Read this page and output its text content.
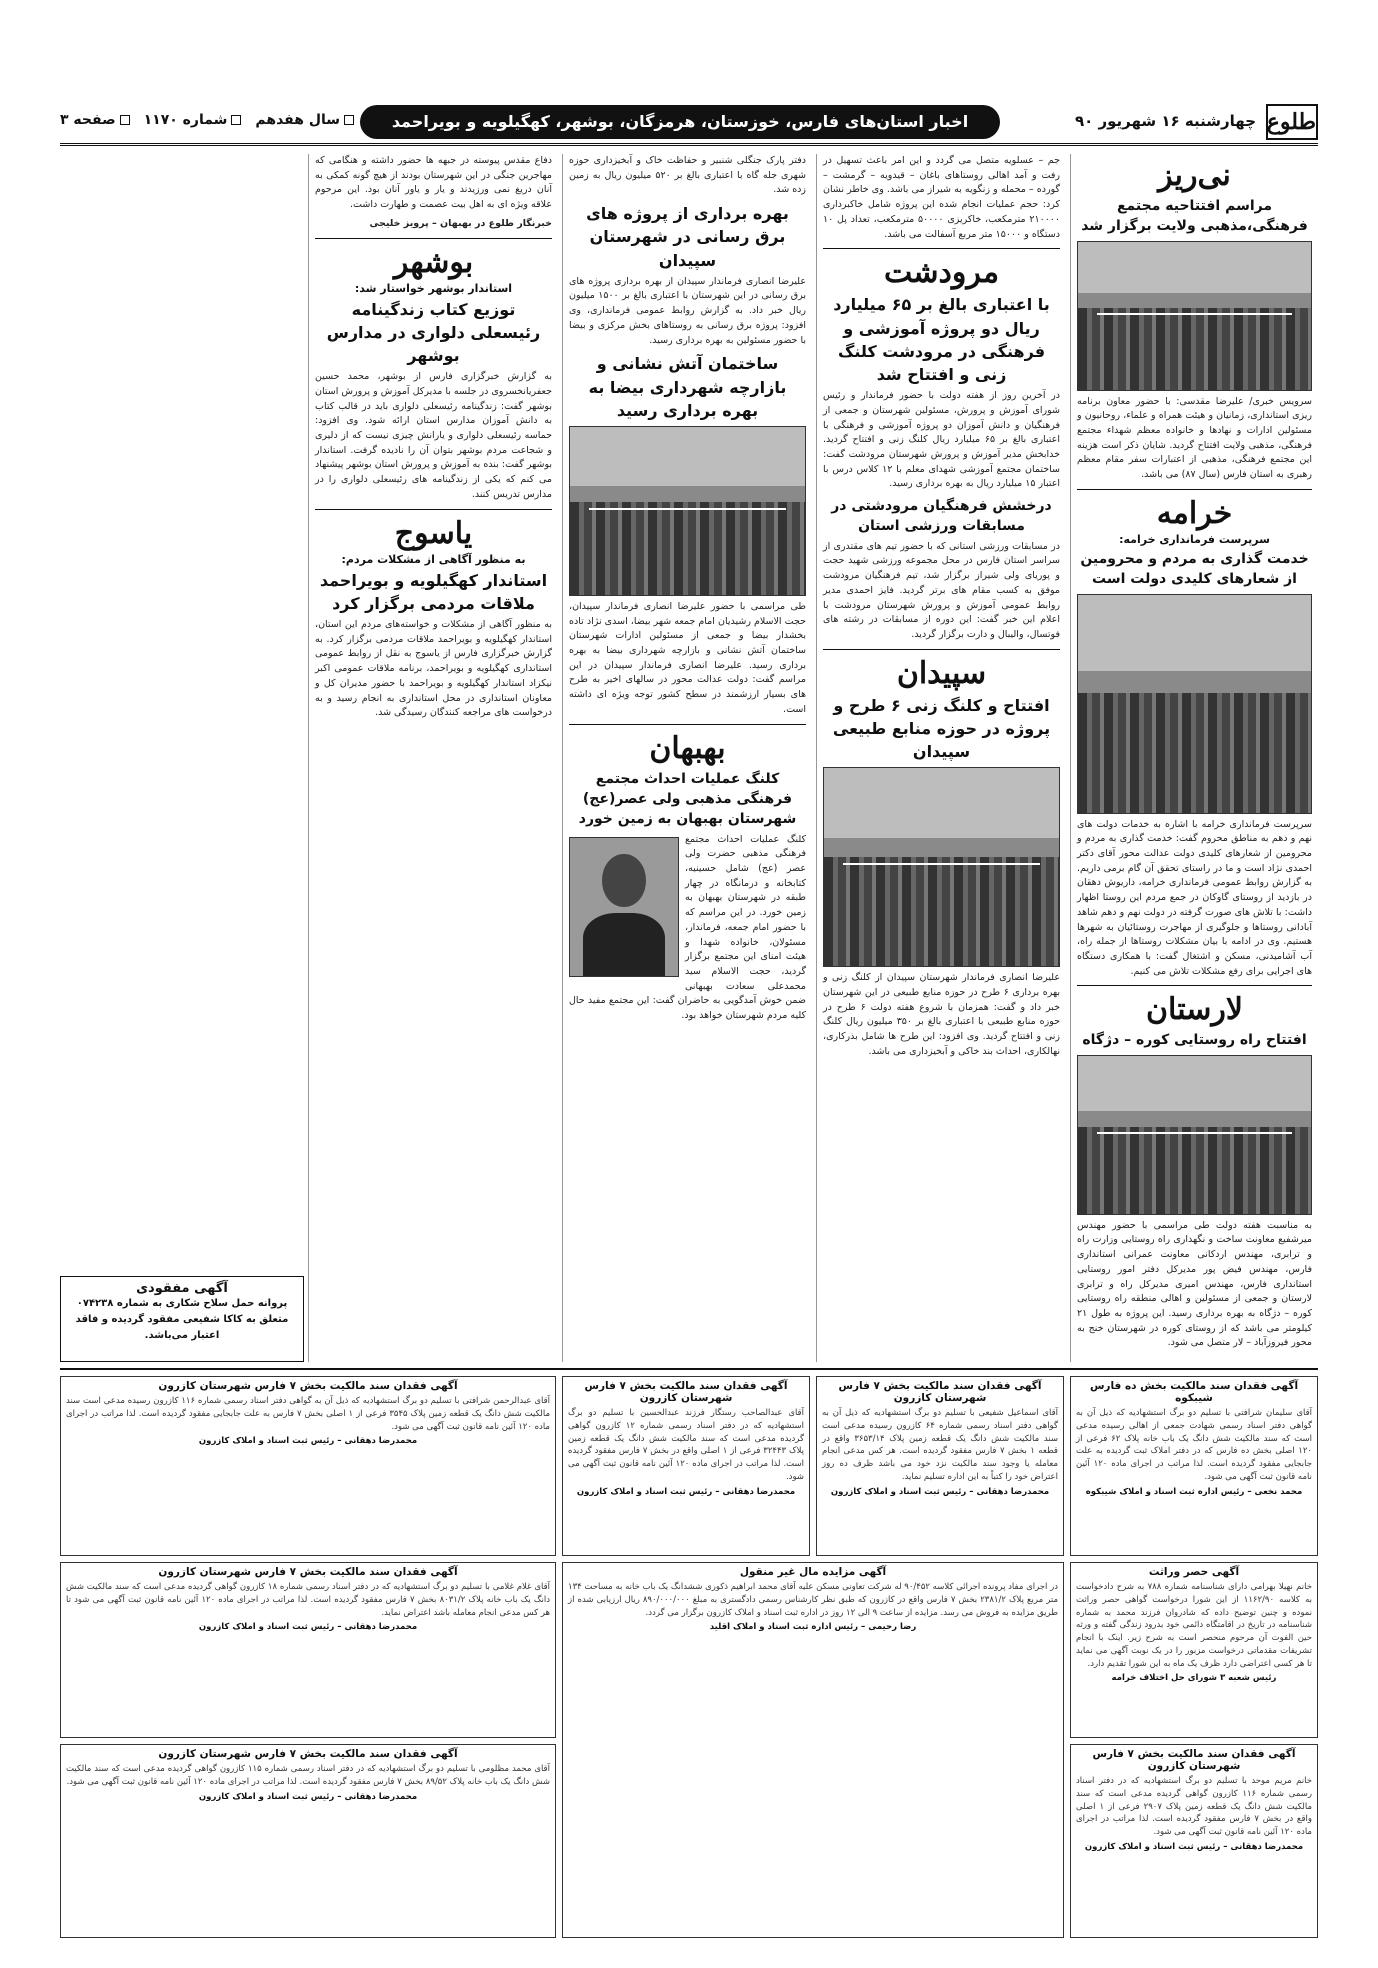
طلوع
چهارشنبه ۱۶ شهریور ۹۰
اخبار استان‌های فارس، خوزستان، هرمزگان، بوشهر، کهگیلویه و بویراحمد
سال هفدهم
شماره ۱۱۷۰
صفحه ۳
نی‌ریز
مراسم افتتاحیه مجتمع فرهنگی،مذهبی ولایت برگزار شد
سرویس خبری/ علیرضا مقدسی: با حضور معاون برنامه ریزی استانداری، زمانیان و هیئت همراه و علماء، روحانیون و مسئولین ادارات و نهادها و خانواده معظم شهداء مجتمع فرهنگی، مذهبی ولایت افتتاح گردید. شایان ذکر است هزینه این مجتمع فرهنگی، مذهبی از اعتبارات سفر مقام معظم رهبری به استان فارس (سال ۸۷) می باشد.
خرامه
سرپرست فرمانداری خرامه:
خدمت گذاری به مردم و محرومین از شعارهای کلیدی دولت است
سرپرست فرمانداری خرامه با اشاره به خدمات دولت های نهم و دهم به مناطق محروم گفت: خدمت گذاری به مردم و محرومین از شعارهای کلیدی دولت عدالت محور آقای دکتر احمدی نژاد است و ما در راستای تحقق آن گام برمی داریم. به گزارش روابط عمومی فرمانداری خرامه، داریوش دهقان در بازدید از روستای گاوکان در جمع مردم این روستا اظهار داشت: با تلاش های صورت گرفته در دولت نهم و دهم شاهد آبادانی روستاها و جلوگیری از مهاجرت روستائیان به شهرها هستیم. وی در ادامه با بیان مشکلات روستاها از جمله راه، آب آشامیدنی، مسکن و اشتغال گفت: با همکاری دستگاه های اجرایی برای رفع مشکلات تلاش می کنیم.
لارستان
افتتاح راه روستایی کوره – دژگاه
به مناسبت هفته دولت طی مراسمی با حضور مهندس میرشفیع معاونت ساخت و نگهداری راه روستایی وزارت راه و ترابری، مهندس اردکانی معاونت عمرانی استانداری فارس، مهندس فیض پور مدیرکل دفتر امور روستایی استانداری فارس، مهندس امیری مدیرکل راه و ترابری لارستان و جمعی از مسئولین و اهالی منطقه راه روستایی کوره – دژگاه به بهره برداری رسید. این پروژه به طول ۲۱ کیلومتر می باشد که از روستای کوره در شهرستان خنج به محور فیروزآباد – لار متصل می شود.
جم – عسلویه متصل می گردد و این امر باعث تسهیل در رفت و آمد اهالی روستاهای باغان – قیدویه – گرمشت – گورده – محمله و زنگویه به شیراز می باشد. وی خاطر نشان کرد: حجم عملیات انجام شده این پروژه شامل خاکبرداری ۲۱۰۰۰۰ مترمکعب، خاکریزی ۵۰۰۰۰ مترمکعب، تعداد پل ۱۰ دستگاه و ۱۵۰۰۰ متر مربع آسفالت می باشد.
مرودشت
با اعتباری بالغ بر ۶۵ میلیارد ریال دو پروژه آموزشی و فرهنگی در مرودشت کلنگ زنی و افتتاح شد
در آخرین روز از هفته دولت با حضور فرماندار و رئیس شورای آموزش و پرورش، مسئولین شهرستان و جمعی از فرهنگیان و دانش آموزان دو پروژه آموزشی و فرهنگی با اعتباری بالغ بر ۶۵ میلیارد ریال کلنگ زنی و افتتاح گردید. خدابخش مدیر آموزش و پرورش شهرستان مرودشت گفت: ساختمان مجتمع آموزشی شهدای معلم با ۱۲ کلاس درس با اعتبار ۱۵ میلیارد ریال به بهره برداری رسید.
درخشش فرهنگیان مرودشتی در مسابقات ورزشی استان
در مسابقات ورزشی استانی که با حضور تیم های مقتدری از سراسر استان فارس در محل مجموعه ورزشی شهید حجت و پوریای ولی شیراز برگزار شد، تیم فرهنگیان مرودشت موفق به کسب مقام های برتر گردید. فایز احمدی مدیر روابط عمومی آموزش و پرورش شهرستان مرودشت با اعلام این خبر گفت: این دوره از مسابقات در رشته های فوتسال، والیبال و دارت برگزار گردید.
سپیدان
افتتاح و کلنگ زنی ۶ طرح و پروژه در حوزه منابع طبیعی سپیدان
علیرضا انصاری فرماندار شهرستان سپیدان از کلنگ زنی و بهره برداری ۶ طرح در حوزه منابع طبیعی در این شهرستان خبر داد و گفت: همزمان با شروع هفته دولت ۶ طرح در حوزه منابع طبیعی با اعتباری بالغ بر ۳۵۰ میلیون ریال کلنگ زنی و افتتاح گردید. وی افزود: این طرح ها شامل بذرکاری، نهالکاری، احداث بند خاکی و آبخیزداری می باشد.
دفتر پارک جنگلی شنبیر و حفاظت خاک و آبخیزداری حوزه شهری جله گاه با اعتباری بالغ بر ۵۲۰ میلیون ریال به زمین زده شد.
بهره برداری از پروژه های برق رسانی در شهرستان سپیدان
علیرضا انصاری فرماندار سپیدان از بهره برداری پروژه های برق رسانی در این شهرستان با اعتباری بالغ بر ۱۵۰۰ میلیون ریال خبر داد. به گزارش روابط عمومی فرمانداری، وی افزود: پروژه برق رسانی به روستاهای بخش مرکزی و بیضا با حضور مسئولین به بهره برداری رسید.
ساختمان آتش نشانی و بازارچه شهرداری بیضا به بهره برداری رسید
طی مراسمی با حضور علیرضا انصاری فرماندار سپیدان، حجت الاسلام رشیدیان امام جمعه شهر بیضا، اسدی نژاد تاده بخشدار بیضا و جمعی از مسئولین ادارات شهرستان ساختمان آتش نشانی و بازارچه شهرداری بیضا به بهره برداری رسید. علیرضا انصاری فرماندار سپیدان در این مراسم گفت: دولت عدالت محور در سالهای اخیر به طرح های بسیار ارزشمند در سطح کشور توجه ویژه ای داشته است.
بهبهان
کلنگ عملیات احداث مجتمع فرهنگی مذهبی ولی عصر(عج) شهرستان بهبهان به زمین خورد
کلنگ عملیات احداث مجتمع فرهنگی مذهبی حضرت ولی عصر (عج) شامل حسینیه، کتابخانه و درمانگاه در چهار طبقه در شهرستان بهبهان به زمین خورد. در این مراسم که با حضور امام جمعه، فرماندار، مسئولان، خانواده شهدا و هیئت امنای این مجتمع برگزار گردید، حجت الاسلام سید محمدعلی سعادت بهبهانی ضمن خوش آمدگویی به حاضران گفت: این مجتمع مفید حال کلیه مردم شهرستان خواهد بود.
دفاع مقدس پیوسته در جبهه ها حضور داشته و هنگامی که مهاجرین جنگی در این شهرستان بودند از هیچ گونه کمکی به آنان دریغ نمی ورزیدند و یار و یاور آنان بود. این مرحوم علاقه ویژه ای به اهل بیت عصمت و طهارت داشت.
خبرنگار طلوع در بهبهان – پرویز خلیجی
بوشهر
استاندار بوشهر خواستار شد:
توزیع کتاب زندگینامه رئیسعلی دلواری در مدارس بوشهر
به گزارش خبرگزاری فارس از بوشهر، محمد حسین جعفریانخسروی در جلسه با مدیرکل آموزش و پرورش استان بوشهر گفت: زندگینامه رئیسعلی دلواری باید در قالب کتاب به دانش آموزان مدارس استان ارائه شود. وی افزود: حماسه رئیسعلی دلواری و یارانش چیزی نیست که از دلیری و شجاعت مردم بوشهر بتوان آن را نادیده گرفت. استاندار بوشهر گفت: بنده به آموزش و پرورش استان بوشهر پیشنهاد می کنم که یکی از زندگینامه های رئیسعلی دلواری را در مدارس تدریس کنند.
یاسوج
به منظور آگاهی از مشکلات مردم:
استاندار کهگیلویه و بویراحمد ملاقات مردمی برگزار کرد
به منظور آگاهی از مشکلات و خواسته‌های مردم این استان، استاندار کهگیلویه و بویراحمد ملاقات مردمی برگزار کرد. به گزارش خبرگزاری فارس از یاسوج به نقل از روابط عمومی استانداری کهگیلویه و بویراحمد، برنامه ملاقات عمومی اکبر نیکزاد استاندار کهگیلویه و بویراحمد با حضور مدیران کل و معاونان استانداری در محل استانداری به انجام رسید و به درخواست های مراجعه کنندگان رسیدگی شد.
آگهی مفقودی
پروانه حمل سلاح شکاری به شماره ۰۷۴۲۳۸ متعلق به کاکا شفیعی مفقود گردیده و فاقد اعتبار می‌باشد.
آگهی فقدان سند مالکیت بخش ده فارس شیبکوه
آقای سلیمان شرافتی با تسلیم دو برگ استشهادیه که ذیل آن به گواهی دفتر اسناد رسمی شهادت جمعی از اهالی رسیده مدعی است که سند مالکیت شش دانگ یک باب خانه پلاک ۶۲ فرعی از ۱۲۰ اصلی بخش ده فارس که در دفتر املاک ثبت گردیده به علت جابجایی مفقود گردیده است. لذا مراتب در اجرای ماده ۱۲۰ آئین نامه قانون ثبت آگهی می شود.
محمد نخعی – رئیس اداره ثبت اسناد و املاک شیبکوه
آگهی فقدان سند مالکیت بخش ۷ فارس شهرستان کازرون
آقای اسماعیل شفیعی با تسلیم دو برگ استشهادیه که ذیل آن به گواهی دفتر اسناد رسمی شماره ۶۴ کازرون رسیده مدعی است سند مالکیت شش دانگ یک قطعه زمین پلاک ۳۶۵۳/۱۴ واقع در قطعه ۱ بخش ۷ فارس مفقود گردیده است. هر کس مدعی انجام معامله یا وجود سند مالکیت نزد خود می باشد ظرف ده روز اعتراض خود را کتباً به این اداره تسلیم نماید.
محمدرضا دهقانی – رئیس ثبت اسناد و املاک کازرون
آگهی فقدان سند مالکیت بخش ۷ فارس شهرستان کازرون
آقای عبدالصاحب رستگار فرزند عبدالحسین با تسلیم دو برگ استشهادیه که در دفتر اسناد رسمی شماره ۱۲ کازرون گواهی گردیده مدعی است که سند مالکیت شش دانگ یک قطعه زمین پلاک ۳۲۴۴۳ فرعی از ۱ اصلی واقع در بخش ۷ فارس مفقود گردیده است. لذا مراتب در اجرای ماده ۱۲۰ آئین نامه قانون ثبت آگهی می شود.
محمدرضا دهقانی – رئیس ثبت اسناد و املاک کازرون
آگهی فقدان سند مالکیت بخش ۷ فارس شهرستان کازرون
آقای عبدالرحمن شرافتی با تسلیم دو برگ استشهادیه که ذیل آن به گواهی دفتر اسناد رسمی شماره ۱۱۶ کازرون رسیده مدعی است سند مالکیت شش دانگ یک قطعه زمین پلاک ۳۵۴۵ فرعی از ۱ اصلی بخش ۷ فارس به علت جابجایی مفقود گردیده است. لذا مراتب در اجرای ماده ۱۲۰ آئین نامه قانون ثبت آگهی می شود.
محمدرضا دهقانی – رئیس ثبت اسناد و املاک کازرون
آگهی حصر وراثت
خانم نهیلا بهرامی دارای شناسنامه شماره ۷۸۸ به شرح دادخواست به کلاسه ۱۱۶۲/۹۰ از این شورا درخواست گواهی حصر وراثت نموده و چنین توضیح داده که شادروان فرزند محمد به شماره شناسنامه در تاریخ در اقامتگاه دائمی خود بدرود زندگی گفته و ورثه حین الفوت آن مرحوم منحصر است به شرح زیر. اینک با انجام تشریفات مقدماتی درخواست مزبور را در یک نوبت آگهی می نماید تا هر کسی اعتراضی دارد ظرف یک ماه به این شورا تقدیم دارد.
رئیس شعبه ۳ شورای حل اختلاف خرامه
آگهی مزایده مال غیر منقول
در اجرای مفاد پرونده اجرائی کلاسه ۹۰/۴۵۲ له شرکت تعاونی مسکن علیه آقای محمد ابراهیم ذکوری ششدانگ یک باب خانه به مساحت ۱۳۴ متر مربع پلاک ۲۳۸۱/۲ بخش ۷ فارس واقع در کازرون که طبق نظر کارشناس رسمی دادگستری به مبلغ ۸۹۰/۰۰۰/۰۰۰ ریال ارزیابی شده از طریق مزایده به فروش می رسد. مزایده از ساعت ۹ الی ۱۲ روز در اداره ثبت اسناد و املاک کازرون برگزار می گردد.
رضا رحیمی – رئیس اداره ثبت اسناد و املاک اقلید
آگهی فقدان سند مالکیت بخش ۷ فارس شهرستان کازرون
آقای غلام غلامی با تسلیم دو برگ استشهادیه که در دفتر اسناد رسمی شماره ۱۸ کازرون گواهی گردیده مدعی است که سند مالکیت شش دانگ یک باب خانه پلاک ۸۰۳۱/۲ بخش ۷ فارس مفقود گردیده است. لذا مراتب در اجرای ماده ۱۲۰ آئین نامه قانون ثبت آگهی می شود تا هر کس مدعی انجام معامله باشد اعتراض نماید.
محمدرضا دهقانی – رئیس ثبت اسناد و املاک کازرون
آگهی فقدان سند مالکیت بخش ۷ فارس شهرستان کازرون
خانم مریم موحد با تسلیم دو برگ استشهادیه که در دفتر اسناد رسمی شماره ۱۱۶ کازرون گواهی گردیده مدعی است که سند مالکیت شش دانگ یک قطعه زمین پلاک ۲۹۰۷ فرعی از ۱ اصلی واقع در بخش ۷ فارس مفقود گردیده است. لذا مراتب در اجرای ماده ۱۲۰ آئین نامه قانون ثبت آگهی می شود.
محمدرضا دهقانی – رئیس ثبت اسناد و املاک کازرون
آگهی فقدان سند مالکیت بخش ۷ فارس شهرستان کازرون
آقای محمد مظلومی با تسلیم دو برگ استشهادیه که در دفتر اسناد رسمی شماره ۱۱۵ کازرون گواهی گردیده مدعی است که سند مالکیت شش دانگ یک باب خانه پلاک ۸۹/۵۲ بخش ۷ فارس مفقود گردیده است. لذا مراتب در اجرای ماده ۱۲۰ آئین نامه قانون ثبت آگهی می شود.
محمدرضا دهقانی – رئیس ثبت اسناد و املاک کازرون
